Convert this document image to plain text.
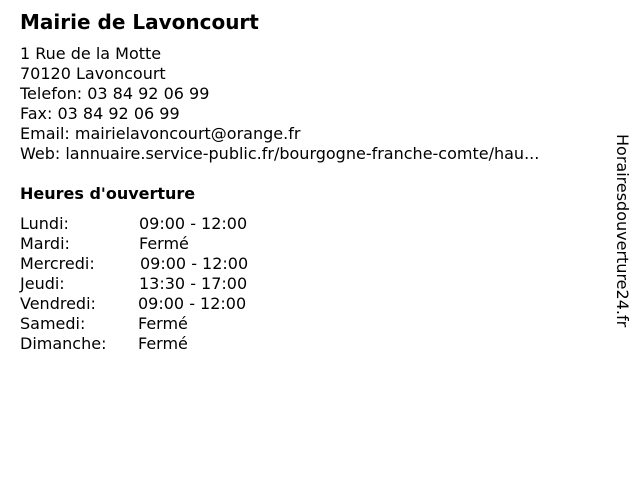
Mairie de Lavoncourt
1 Rue de la Motte
70120 Lavoncourt
Telefon: 03 84 92 06 99
Fax: 03 84 92 06 99
Email: mairielavoncourt@orange.fr
Web: lannuaire.service-public.fr/bourgogne-franche-comte/hau...
Heures d'ouverture
Lundi:	09:00 - 12:00
Mardi:	Fermé
Mercredi:	09:00 - 12:00
Jeudi:	13:30 - 17:00
Vendredi:	09:00 - 12:00
Samedi:	Fermé
Dimanche: Fermé
Horairesdouverture24.fr
